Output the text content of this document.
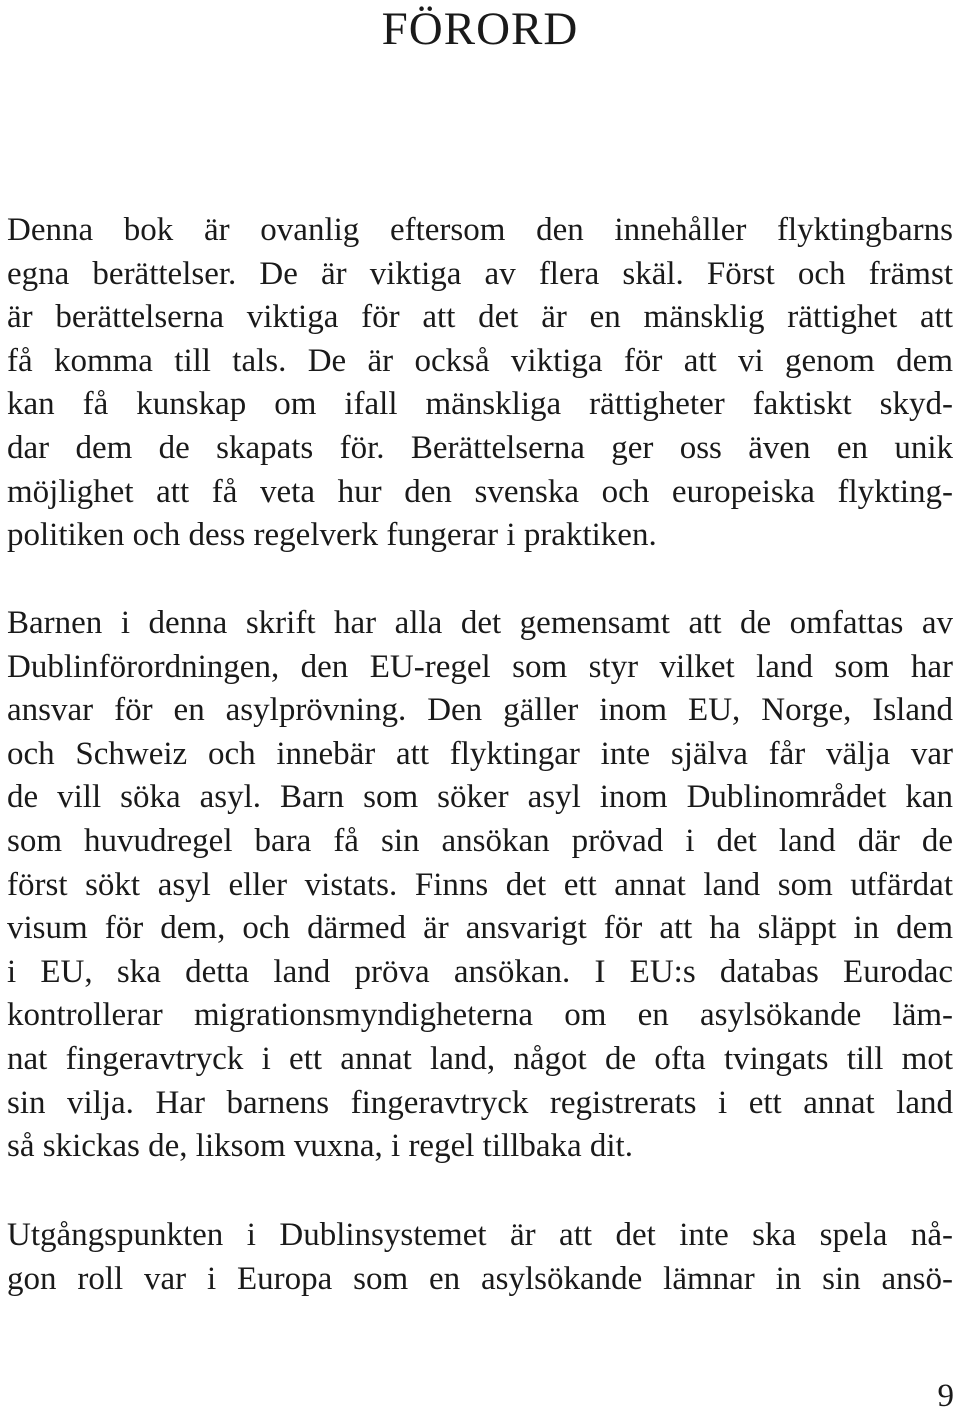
FÖRORD

Denna bok är ovanlig eftersom den innehåller flyktingbarns
egna berättelser. De är viktiga av flera skäl. Först och främst
är berättelserna viktiga för att det är en mänsklig rättighet att
få komma till tals. De är också viktiga för att vi genom dem
kan få kunskap om ifall mänskliga rättigheter faktiskt skyd-
dar dem de skapats för. Berättelserna ger oss även en unik
möjlighet att få veta hur den svenska och europeiska flykting-
politiken och dess regelverk fungerar i praktiken.

Barnen i denna skrift har alla det gemensamt att de omfattas av
Dublinförordningen, den EU-regel som styr vilket land som har
ansvar för en asylprövning. Den gäller inom EU, Norge, Island
och Schweiz och innebär att flyktingar inte själva får välja var
de vill söka asyl. Barn som söker asyl inom Dublinområdet kan
som huvudregel bara få sin ansökan prövad i det land där de
först sökt asyl eller vistats. Finns det ett annat land som utfärdat
visum för dem, och därmed är ansvarigt för att ha släppt in dem
i EU, ska detta land pröva ansökan. I EU:s databas Eurodac
kontrollerar migrationsmyndigheterna om en asylsökande läm-
nat fingeravtryck i ett annat land, något de ofta tvingats till mot
sin vilja. Har barnens fingeravtryck registrerats i ett annat land
så skickas de, liksom vuxna, i regel tillbaka dit.

Utgångspunkten i Dublinsystemet är att det inte ska spela nå-
gon roll var i Europa som en asylsökande lämnar in sin ansö-

9
